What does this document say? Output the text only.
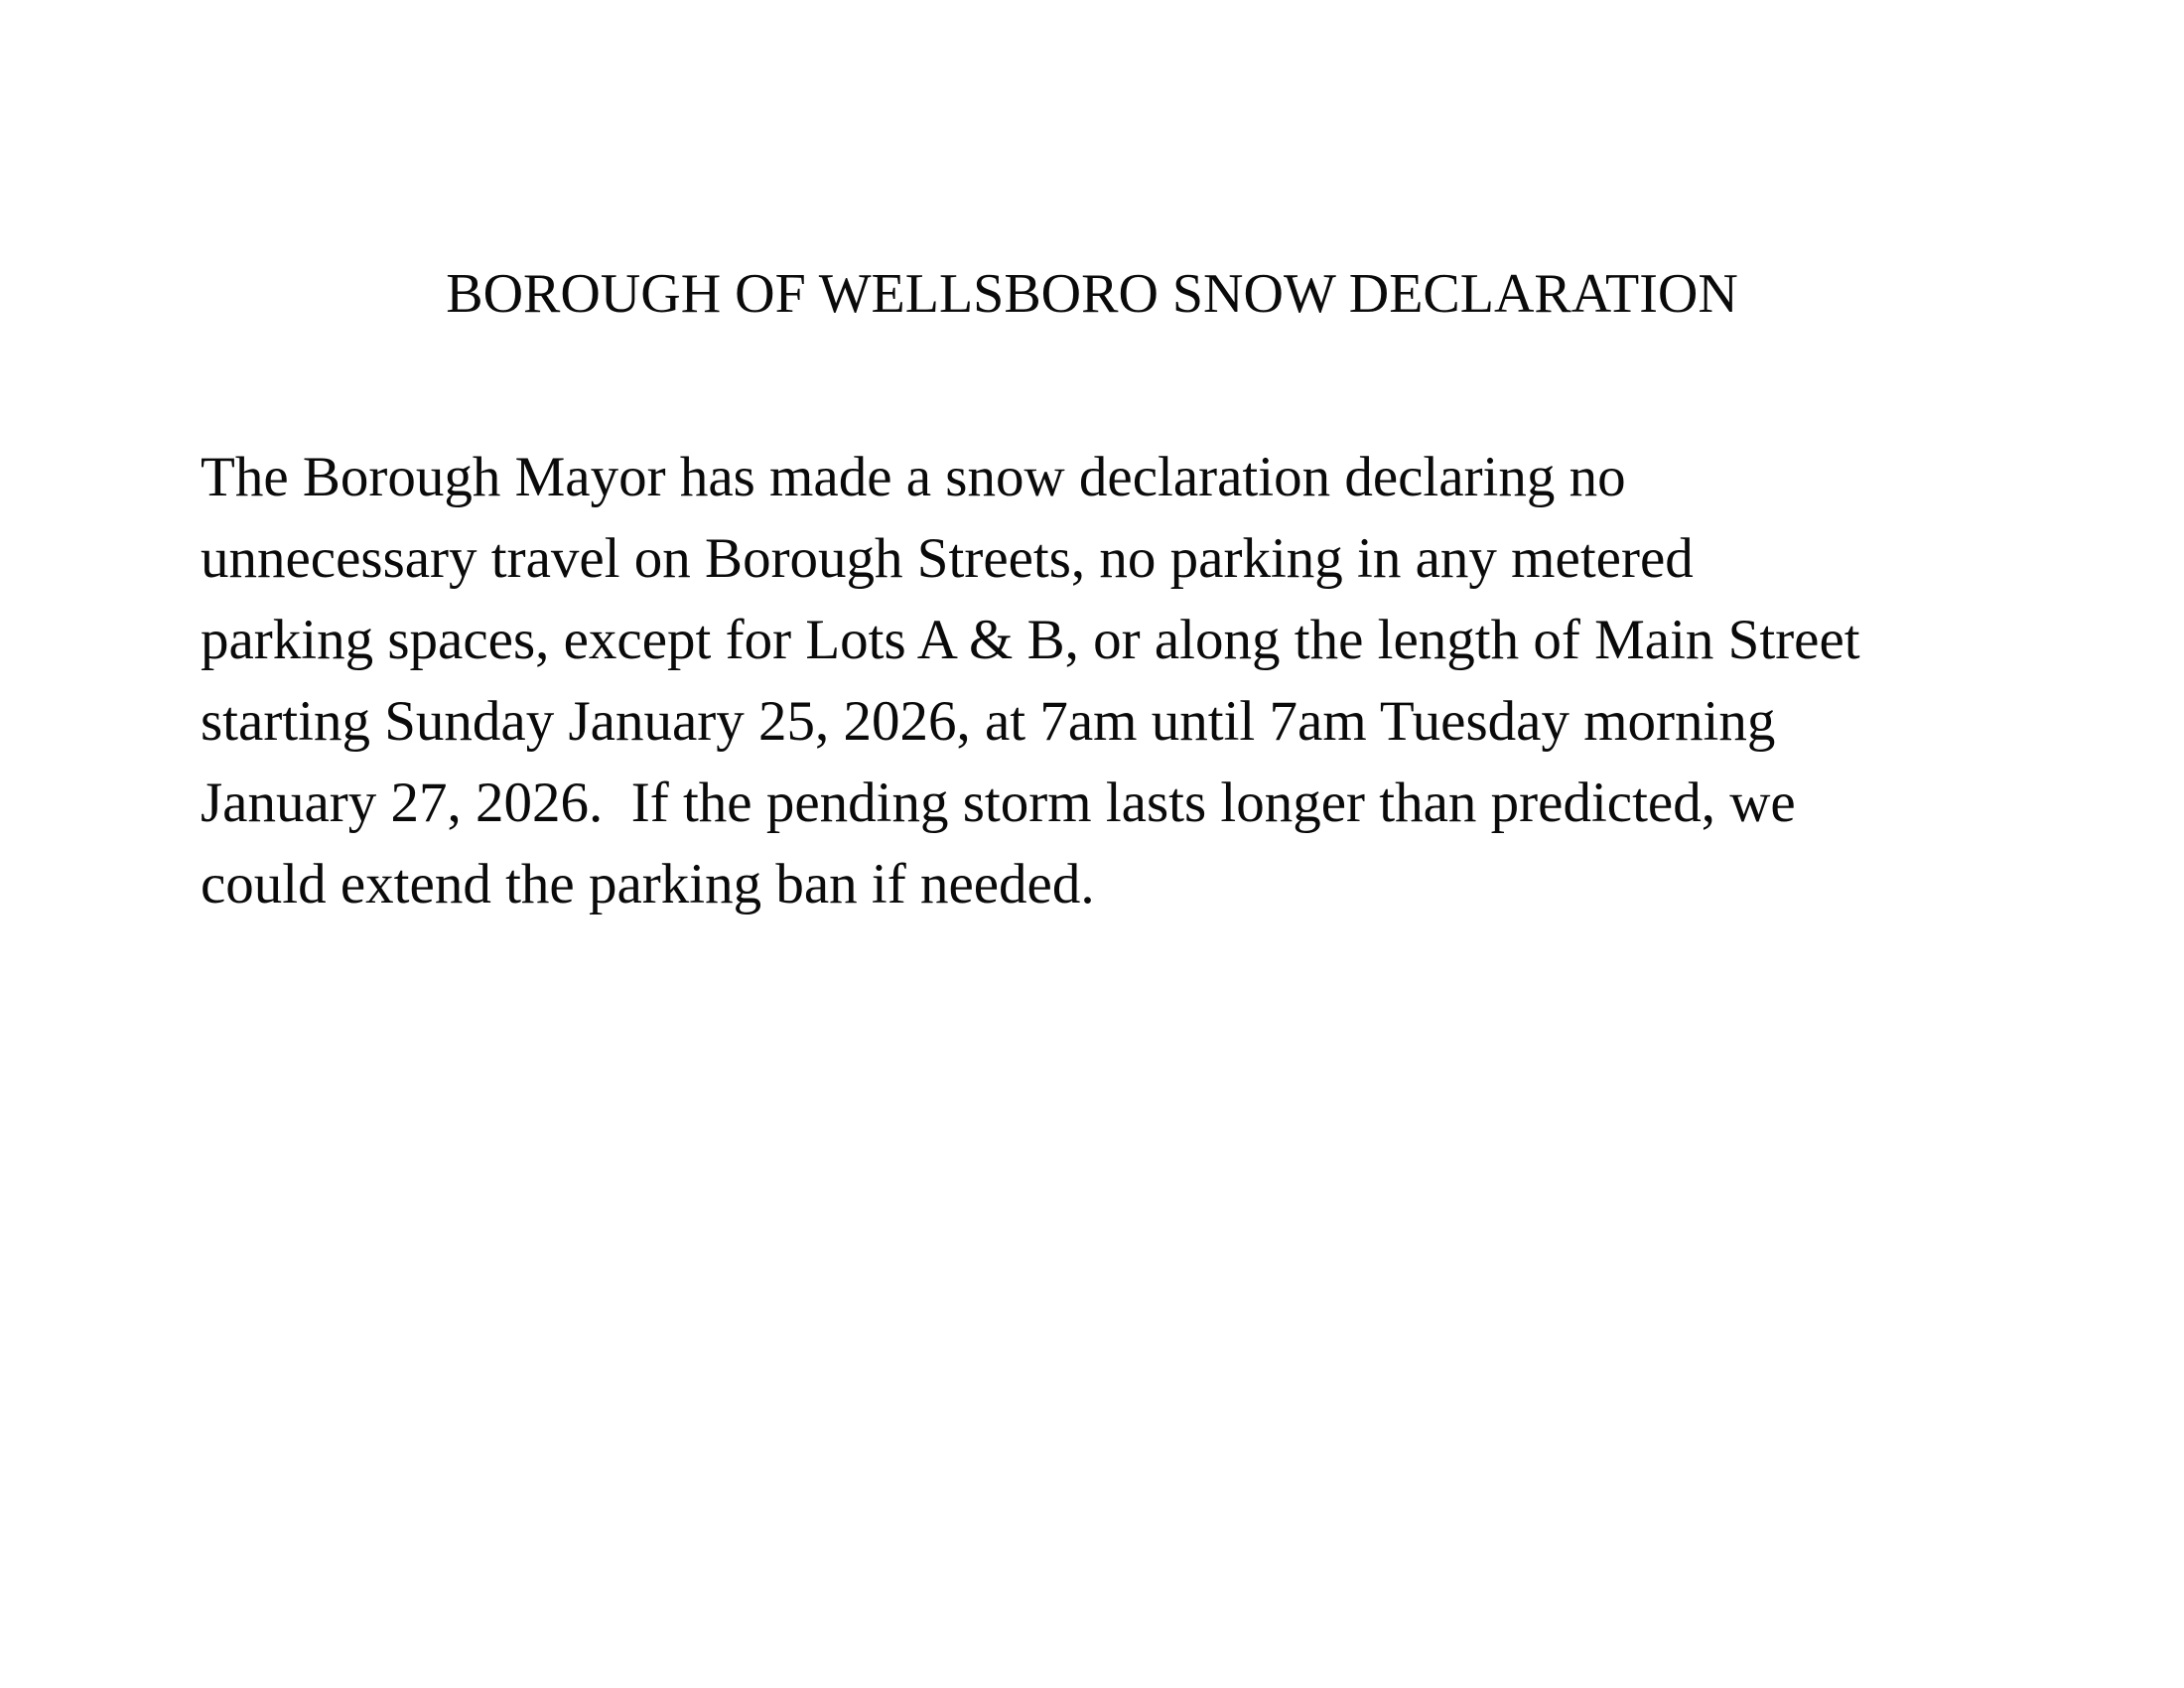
BOROUGH OF WELLSBORO SNOW DECLARATION
The Borough Mayor has made a snow declaration declaring no
unnecessary travel on Borough Streets, no parking in any metered
parking spaces, except for Lots A & B, or along the length of Main Street
starting Sunday January 25, 2026, at 7am until 7am Tuesday morning
January 27, 2026.  If the pending storm lasts longer than predicted, we
could extend the parking ban if needed.
